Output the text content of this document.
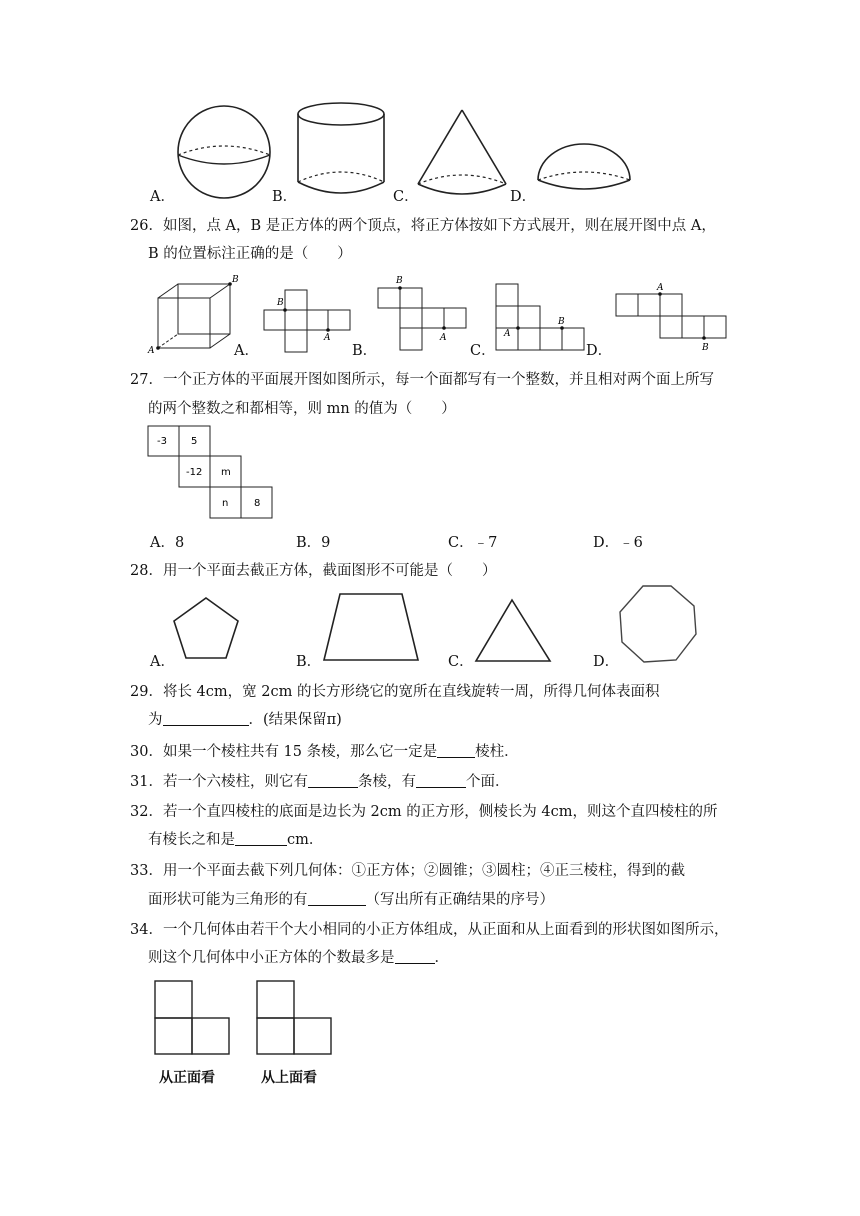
A．	B．	C．	D．
26．如图，点 A，B 是正方体的两个顶点，将正方体按如下方式展开，则在展开图中点 A，
B 的位置标注正确的是（　　）
A
B
B
A
A．
B
A
B．
A
B
C．	D．
A
B
27．一个正方体的平面展开图如图所示，每一个面都写有一个整数，并且相对两个面上所写
的两个整数之和都相等，则 mn 的值为（　　）
-3 5
-12 m
n	8
A．8	B．9	C．﹣7	D．﹣6
28．用一个平面去截正方体，截面图形不可能是（　　）
A．	B．	C．	D．
29．将长 4cm，宽 2cm 的长方形绕它的宽所在直线旋转一周，所得几何体表面积
为	．(结果保留π)
30．如果一个棱柱共有 15 条棱，那么它一定是	棱柱．
31．若一个六棱柱，则它有	条棱，有	个面．
32．若一个直四棱柱的底面是边长为 2cm 的正方形，侧棱长为 4cm，则这个直四棱柱的所
有棱长之和是	cm．
33．用一个平面去截下列几何体：①正方体；②圆锥；③圆柱；④正三棱柱，得到的截
面形状可能为三角形的有	（写出所有正确结果的序号）
34．一个几何体由若干个大小相同的小正方体组成，从正面和从上面看到的形状图如图所示，
则这个几何体中小正方体的个数最多是	．
从正面看	从上面看
